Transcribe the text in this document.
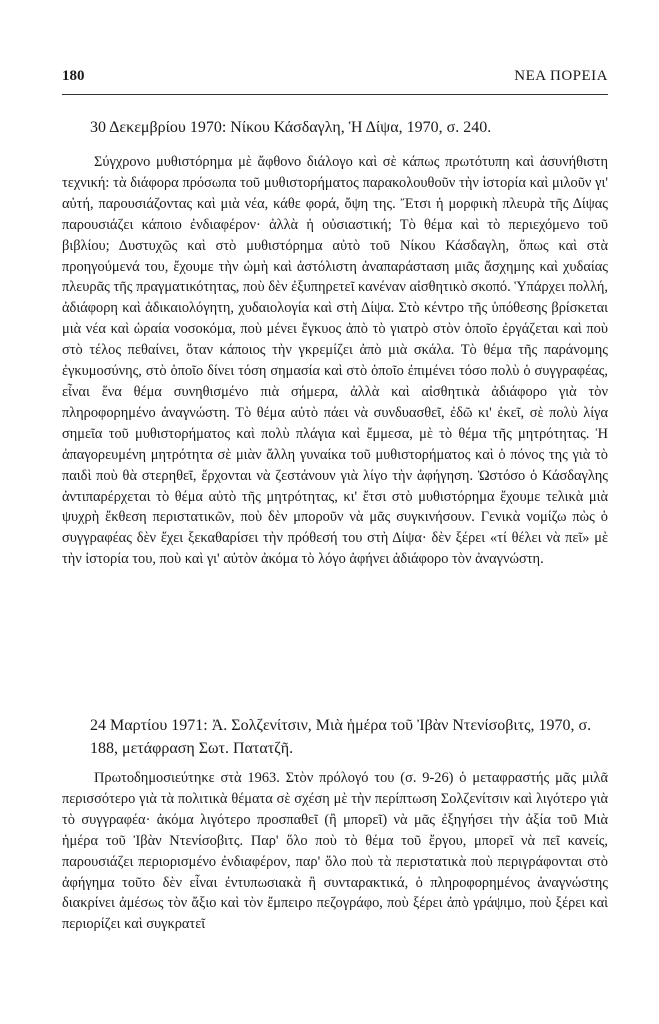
180	ΝΕΑ ΠΟΡΕΙΑ

30 Δεκεμβρίου 1970: Νίκου Κάσδαγλη, Ἡ Δίψα, 1970, σ. 240.

Σύγχρονο μυθιστόρημα μὲ ἄφθονο διάλογο καὶ σὲ κάπως πρωτότυπη καὶ ἀσυνήθιστη τεχνική: τὰ διάφορα πρόσωπα τοῦ μυθιστορήματος παρακολουθοῦν τὴν ἱστορία καὶ μιλοῦν γι' αὐτή, παρουσιάζοντας καὶ μιὰ νέα, κάθε φορά, ὄψη της. Ἔτσι ἡ μορφικὴ πλευρὰ τῆς Δίψας παρουσιάζει κάποιο ἐνδιαφέρον· ἀλλὰ ἡ οὐσιαστική; Τὸ θέμα καὶ τὸ περιεχόμενο τοῦ βιβλίου; Δυστυχῶς καὶ στὸ μυθιστόρημα αὐτὸ τοῦ Νίκου Κάσδαγλη, ὅπως καὶ στὰ προηγούμενά του, ἔχουμε τὴν ὠμὴ καὶ ἀστόλιστη ἀναπαράσταση μιᾶς ἄσχημης καὶ χυδαίας πλευρᾶς τῆς πραγματικότητας, ποὺ δὲν ἐξυπηρετεῖ κανέναν αἰσθητικὸ σκοπό. Ὑπάρχει πολλή, ἀδιάφορη καὶ ἀδικαιολόγητη, χυδαιολογία καὶ στὴ Δίψα. Στὸ κέντρο τῆς ὑπόθεσης βρίσκεται μιὰ νέα καὶ ὡραία νοσοκόμα, ποὺ μένει ἔγκυος ἀπὸ τὸ γιατρὸ στὸν ὁποῖο ἐργάζεται καὶ ποὺ στὸ τέλος πεθαίνει, ὅταν κάποιος τὴν γκρεμίζει ἀπὸ μιὰ σκάλα. Τὸ θέμα τῆς παράνομης ἐγκυμοσύνης, στὸ ὁποῖο δίνει τόση σημασία καὶ στὸ ὁποῖο ἐπιμένει τόσο πολὺ ὁ συγγραφέας, εἶναι ἕνα θέμα συνηθισμένο πιὰ σήμερα, ἀλλὰ καὶ αἰσθητικὰ ἀδιάφορο γιὰ τὸν πληροφορημένο ἀναγνώστη. Τὸ θέμα αὐτὸ πάει νὰ συνδυασθεῖ, ἐδῶ κι' ἐκεῖ, σὲ πολὺ λίγα σημεῖα τοῦ μυθιστορήματος καὶ πολὺ πλάγια καὶ ἔμμεσα, μὲ τὸ θέμα τῆς μητρότητας. Ἡ ἀπαγορευμένη μητρότητα σὲ μιὰν ἄλλη γυναίκα τοῦ μυθιστορήματος καὶ ὁ πόνος της γιὰ τὸ παιδὶ ποὺ θὰ στερηθεῖ, ἔρχονται νὰ ζεστάνουν γιὰ λίγο τὴν ἀφήγηση. Ὡστόσο ὁ Κάσδαγλης ἀντιπαρέρχεται τὸ θέμα αὐτὸ τῆς μητρότητας, κι' ἔτσι στὸ μυθιστόρημα ἔχουμε τελικὰ μιὰ ψυχρὴ ἔκθεση περιστατικῶν, ποὺ δὲν μποροῦν νὰ μᾶς συγκινήσουν. Γενικὰ νομίζω πὼς ὁ συγγραφέας δὲν ἔχει ξεκαθαρίσει τὴν πρόθεσή του στὴ Δίψα· δὲν ξέρει «τί θέλει νὰ πεῖ» μὲ τὴν ἱστορία του, ποὺ καὶ γι' αὐτὸν ἀκόμα τὸ λόγο ἀφήνει ἀδιάφορο τὸν ἀναγνώστη.

24 Μαρτίου 1971: Ἀ. Σολζενίτσιν, Μιὰ ἡμέρα τοῦ Ἰβὰν Ντενίσοβιτς, 1970, σ. 188, μετάφραση Σωτ. Πατατζῆ.

Πρωτοδημοσιεύτηκε στὰ 1963. Στὸν πρόλογό του (σ. 9-26) ὁ μεταφραστής μᾶς μιλᾶ περισσότερο γιὰ τὰ πολιτικὰ θέματα σὲ σχέση μὲ τὴν περίπτωση Σολζενίτσιν καὶ λιγότερο γιὰ τὸ συγγραφέα· ἀκόμα λιγότερο προσπαθεῖ (ἢ μπορεῖ) νὰ μᾶς ἐξηγήσει τὴν ἀξία τοῦ Μιὰ ἡμέρα τοῦ Ἰβὰν Ντενίσοβιτς. Παρ' ὅλο ποὺ τὸ θέμα τοῦ ἔργου, μπορεῖ νὰ πεῖ κανείς, παρουσιάζει περιορισμένο ἐνδιαφέρον, παρ' ὅλο ποὺ τὰ περιστατικὰ ποὺ περιγράφονται στὸ ἀφήγημα τοῦτο δὲν εἶναι ἐντυπωσιακὰ ἢ συνταρακτικά, ὁ πληροφορημένος ἀναγνώστης διακρίνει ἀμέσως τὸν ἄξιο καὶ τὸν ἔμπειρο πεζογράφο, ποὺ ξέρει ἀπὸ γράψιμο, ποὺ ξέρει καὶ περιορίζει καὶ συγκρατεῖ
